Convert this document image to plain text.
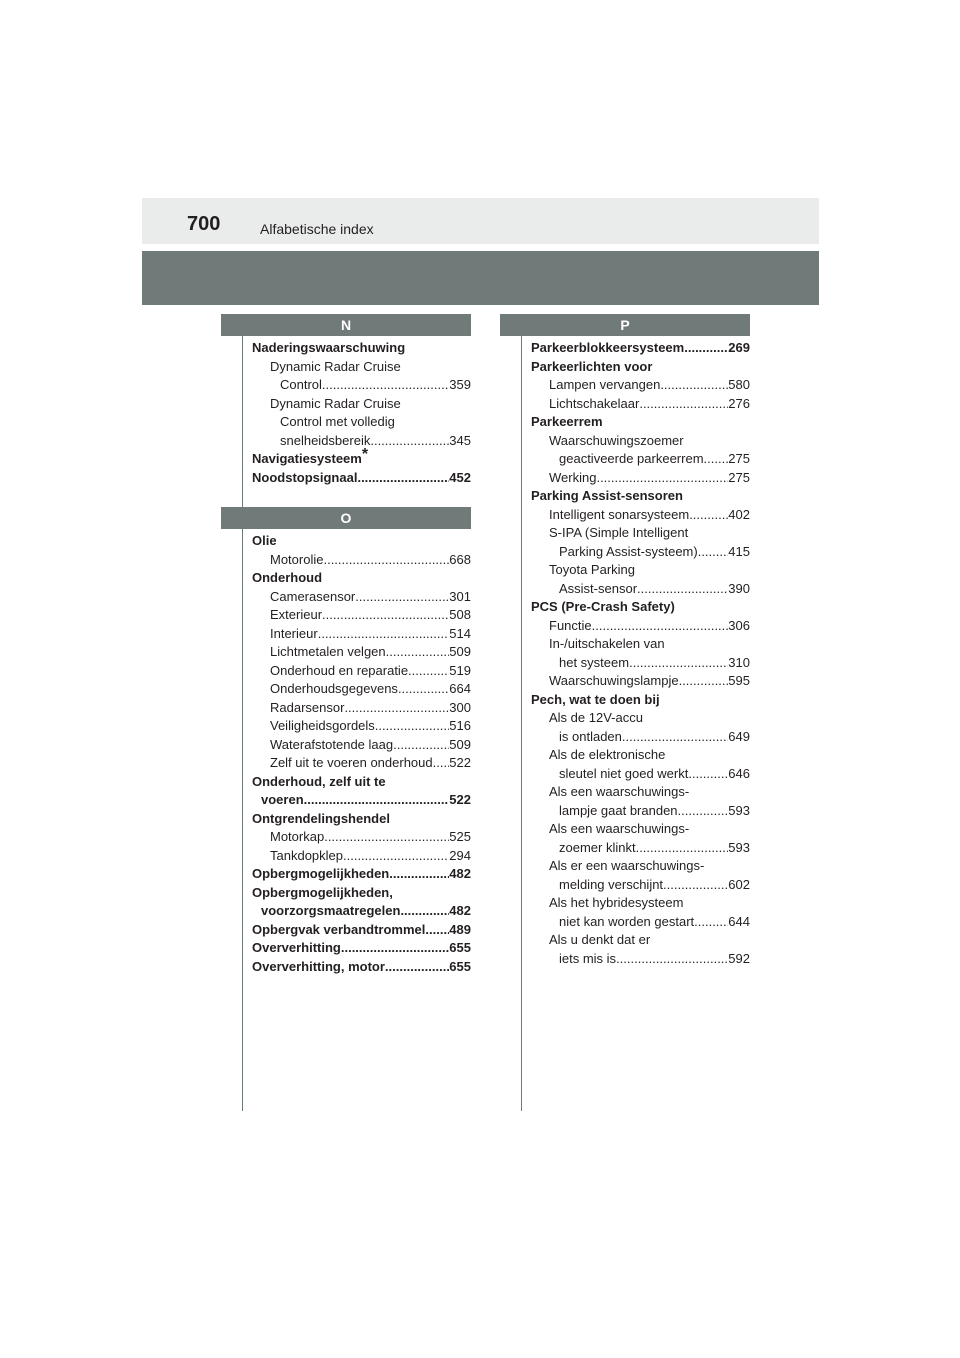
700	Alfabetische index
N
Naderingswaarschuwing
Dynamic Radar Cruise
Control .....	359
Dynamic Radar Cruise
Control met volledig
snelheidsbereik .....	345
Navigatiesysteem*
Noodstopsignaal .....	452
O
Olie
Motorolie .....	668
Onderhoud
Camerasensor .....	301
Exterieur .....	508
Interieur .....	514
Lichtmetalen velgen .....	509
Onderhoud en reparatie .....	519
Onderhoudsgegevens .....	664
Radarsensor .....	300
Veiligheidsgordels .....	516
Waterafstotende laag .....	509
Zelf uit te voeren onderhoud ..... 522
Onderhoud, zelf uit te
voeren .....	522
Ontgrendelingshendel
Motorkap .....	525
Tankdopklep .....	294
Opbergmogelijkheden .....	482
Opbergmogelijkheden,
voorzorgsmaatregelen .....	482
Opbergvak verbandtrommel ..... 489
Oververhitting .....	655
Oververhitting, motor .....	655
P
Parkeerblokkeersysteem .....	269
Parkeerlichten voor
Lampen vervangen .....	580
Lichtschakelaar .....	276
Parkeerrem
Waarschuwingszoemer
geactiveerde parkeerrem ..... 275
Werking .....	275
Parking Assist-sensoren
Intelligent sonarsysteem .....	402
S-IPA (Simple Intelligent
Parking Assist-systeem) ..... 415
Toyota Parking
Assist-sensor .....	390
PCS (Pre-Crash Safety)
Functie .....	306
In-/uitschakelen van
het systeem .....	310
Waarschuwingslampje .....	595
Pech, wat te doen bij
Als de 12V-accu
is ontladen .....	649
Als de elektronische
sleutel niet goed werkt .....	646
Als een waarschuwings-
lampje gaat branden .....	593
Als een waarschuwings-
zoemer klinkt .....	593
Als er een waarschuwings-
melding verschijnt .....	602
Als het hybridesysteem
niet kan worden gestart .....	644
Als u denkt dat er
iets mis is .....	592
